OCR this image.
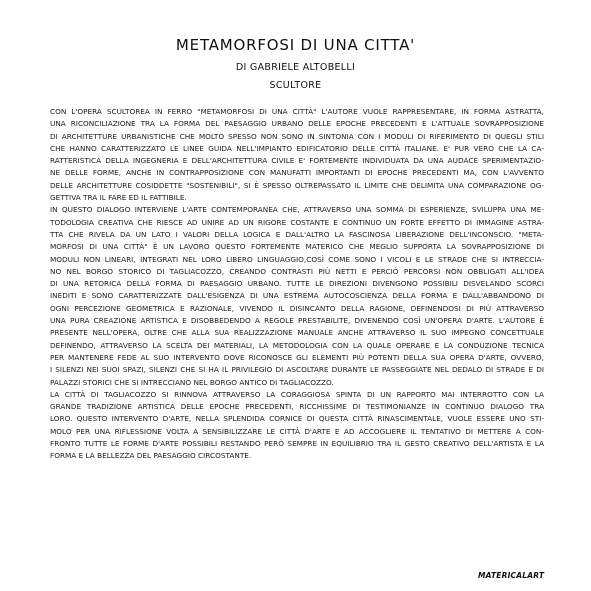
METAMORFOSI DI UNA CITTA'
DI GABRIELE ALTOBELLI
SCULTORE
CON L'OPERA SCULTOREA IN FERRO "METAMORFOSI DI UNA CITTÀ" L'AUTORE VUOLE RAPPRESENTARE, IN FORMA ASTRATTA,
UNA RICONCILIAZIONE TRA LA FORMA DEL PAESAGGIO URBANO DELLE EPOCHE PRECEDENTI E L'ATTUALE SOVRAPPOSIZIONE
DI ARCHITETTURE URBANISTICHE CHE MOLTO SPESSO NON SONO IN SINTONIA CON I MODULI DI RIFERIMENTO DI QUEGLI STILI
CHE HANNO CARATTERIZZATO LE LINEE GUIDA NELL'IMPIANTO EDIFICATORIO DELLE CITTÀ ITALIANE. E' PUR VERO CHE LA CA-
RATTERISTICA DELLA INGEGNERIA E DELL'ARCHITETTURA CIVILE E' FORTEMENTE INDIVIDUATA DA UNA AUDACE SPERIMENTAZIO-
NE DELLE FORME, ANCHE IN CONTRAPPOSIZIONE CON MANUFATTI IMPORTANTI DI EPOCHE PRECEDENTI MA, CON L'AVVENTO
DELLE ARCHITETTURE COSIDDETTE "SOSTENIBILI", SI È SPESSO OLTREPASSATO IL LIMITE CHE DELIMITA UNA COMPARAZIONE OG-
GETTIVA TRA IL FARE ED IL FATTIBILE.
IN QUESTO DIALOGO INTERVIENE L'ARTE CONTEMPORANEA CHE, ATTRAVERSO UNA SOMMA DI ESPERIENZE, SVILUPPA UNA ME-
TODOLOGIA CREATIVA CHE RIESCE AD UNIRE AD UN RIGORE COSTANTE E CONTINUO UN FORTE EFFETTO DI IMMAGINE ASTRA-
TTA CHE RIVELA DA UN LATO I VALORI DELLA LOGICA E DALL'ALTRO LA FASCINOSA LIBERAZIONE DELL'INCONSCIO. "META-
MORFOSI DI UNA CITTÀ" È UN LAVORO QUESTO FORTEMENTE MATERICO CHE MEGLIO SUPPORTA LA SOVRAPPOSIZIONE DI
MODULI NON LINEARI, INTEGRATI NEL LORO LIBERO LINGUAGGIO,COSÌ COME SONO I VICOLI E LE STRADE CHE SI INTRECCIA-
NO NEL BORGO STORICO DI TAGLIACOZZO, CREANDO CONTRASTI PIÙ NETTI E PERCIÒ PERCORSI NON OBBLIGATI ALL'IDEA
DI UNA RETORICA DELLA FORMA DI PAESAGGIO URBANO. TUTTE LE DIREZIONI DIVENGONO POSSIBILI DISVELANDO SCORCI
INEDITI E SONO CARATTERIZZATE DALL'ESIGENZA DI UNA ESTREMA AUTOCOSCIENZA DELLA FORMA E DALL'ABBANDONO DI
OGNI PERCEZIONE GEOMETRICA E RAZIONALE, VIVENDO IL DISINCANTO DELLA RAGIONE, DEFINENDOSI DI PIÙ ATTRAVERSO
UNA PURA CREAZIONE ARTISTICA E DISOBBEDENDO A REGOLE PRESTABILITE, DIVENENDO COSÌ UN'OPERA D'ARTE. L'AUTORE È
PRESENTE NELL'OPERA, OLTRE CHE ALLA SUA REALIZZAZIONE MANUALE ANCHE ATTRAVERSO IL SUO IMPEGNO CONCETTUALE
DEFINENDO, ATTRAVERSO LA SCELTA DEI MATERIALI, LA METODOLOGIA CON LA QUALE OPERARE E LA CONDUZIONE TECNICA
PER MANTENERE FEDE AL SUO INTERVENTO DOVE RICONOSCE GLI ELEMENTI PIÙ POTENTI DELLA SUA OPERA D'ARTE, OVVERO,
I SILENZI NEI SUOI SPAZI, SILENZI CHE SI HA IL PRIVILEGIO DI ASCOLTARE DURANTE LE PASSEGGIATE NEL DEDALO DI STRADE E DI
PALAZZI STORICI CHE SI INTRECCIANO NEL BORGO ANTICO DI TAGLIACOZZO.
LA CITTÀ DI TAGLIACOZZO SI RINNOVA ATTRAVERSO LA CORAGGIOSA SPINTA DI UN RAPPORTO MAI INTERROTTO CON LA
GRANDE TRADIZIONE ARTISTICA DELLE EPOCHE PRECEDENTI, RICCHISSIME DI TESTIMONIANZE IN CONTINUO DIALOGO TRA
LORO. QUESTO INTERVENTO D'ARTE, NELLA SPLENDIDA CORNICE DI QUESTA CITTÀ RINASCIMENTALE, VUOLE ESSERE UNO STI-
MOLO PER UNA RIFLESSIONE VOLTA A SENSIBILIZZARE LE CITTÀ D'ARTE E AD ACCOGLIERE IL TENTATIVO DI METTERE A CON-
FRONTO TUTTE LE FORME D'ARTE POSSIBILI RESTANDO PERÒ SEMPRE IN EQUILIBRIO TRA IL GESTO CREATIVO DELL'ARTISTA E LA
FORMA E LA BELLEZZA DEL PAESAGGIO CIRCOSTANTE.
MATERICALART
